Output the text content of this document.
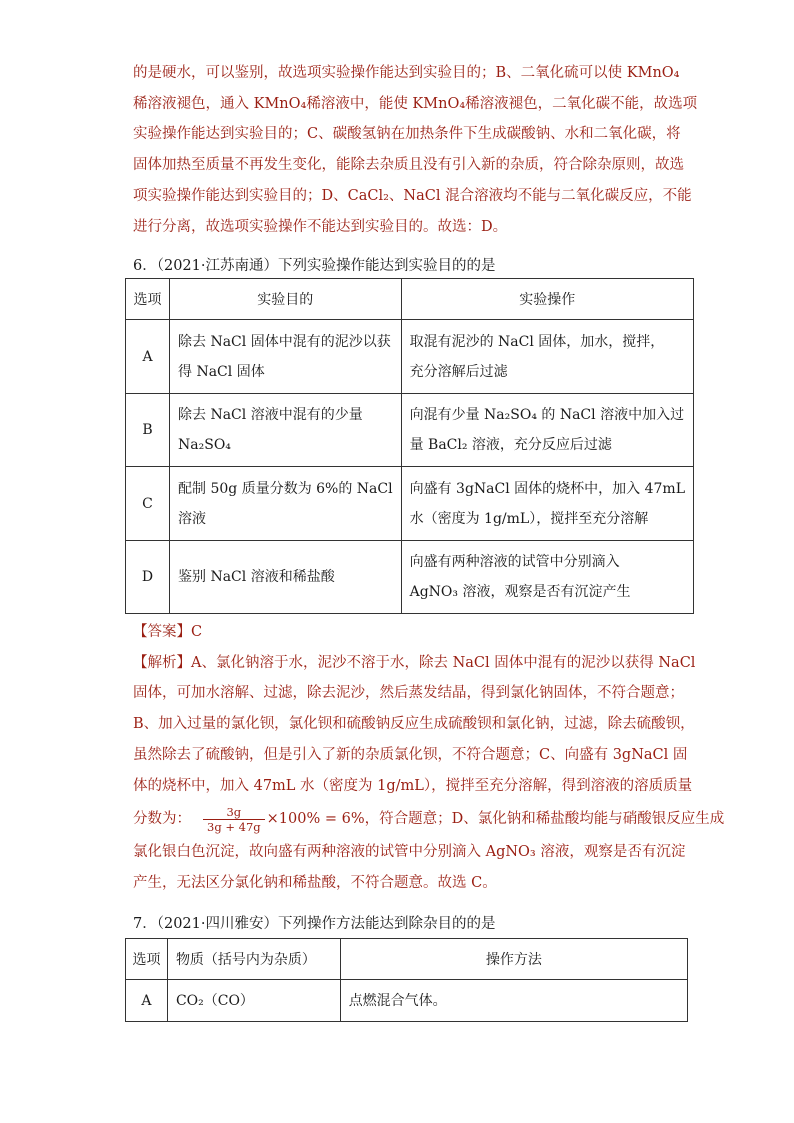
的是硬水，可以鉴别，故选项实验操作能达到实验目的；B、二氧化硫可以使 KMnO₄
稀溶液褪色，通入 KMnO₄稀溶液中，能使 KMnO₄稀溶液褪色，二氧化碳不能，故选项
实验操作能达到实验目的；C、碳酸氢钠在加热条件下生成碳酸钠、水和二氧化碳，将
固体加热至质量不再发生变化，能除去杂质且没有引入新的杂质，符合除杂原则，故选
项实验操作能达到实验目的；D、CaCl₂、NaCl 混合溶液均不能与二氧化碳反应，不能
进行分离，故选项实验操作不能达到实验目的。故选：D。
6．（2021·江苏南通）下列实验操作能达到实验目的的是
选项	实验目的	实验操作
A	除去 NaCl 固体中混有的泥沙以获
得 NaCl 固体	取混有泥沙的 NaCl 固体，加水，搅拌，
充分溶解后过滤

B	除去 NaCl 溶液中混有的少量
Na₂SO₄	向混有少量 Na₂SO₄ 的 NaCl 溶液中加入过
量 BaCl₂ 溶液，充分反应后过滤

C	配制 50g 质量分数为 6%的 NaCl
溶液	向盛有 3gNaCl 固体的烧杯中，加入 47mL
水（密度为 1g/mL），搅拌至充分溶解

D	鉴别 NaCl 溶液和稀盐酸	向盛有两种溶液的试管中分别滴入
AgNO₃ 溶液，观察是否有沉淀产生
【答案】C
【解析】A、氯化钠溶于水，泥沙不溶于水，除去 NaCl 固体中混有的泥沙以获得 NaCl
固体，可加水溶解、过滤，除去泥沙，然后蒸发结晶，得到氯化钠固体，不符合题意；
B、加入过量的氯化钡，氯化钡和硫酸钠反应生成硫酸钡和氯化钠，过滤，除去硫酸钡，
虽然除去了硫酸钠，但是引入了新的杂质氯化钡，不符合题意；C、向盛有 3gNaCl 固
体的烧杯中，加入 47mL 水（密度为 1g/mL），搅拌至充分溶解，得到溶液的溶质质量
分数为： $\frac{3g}{3g + 47g} \times 100\% = 6\%$，符合题意；D、氯化钠和稀盐酸均能与硝酸银反应生成
氯化银白色沉淀，故向盛有两种溶液的试管中分别滴入 AgNO₃ 溶液，观察是否有沉淀
产生，无法区分氯化钠和稀盐酸，不符合题意。故选 C。
7．（2021·四川雅安）下列操作方法能达到除杂目的的是
选项	物质（括号内为杂质）	操作方法
A	CO₂（CO）	点燃混合气体。
